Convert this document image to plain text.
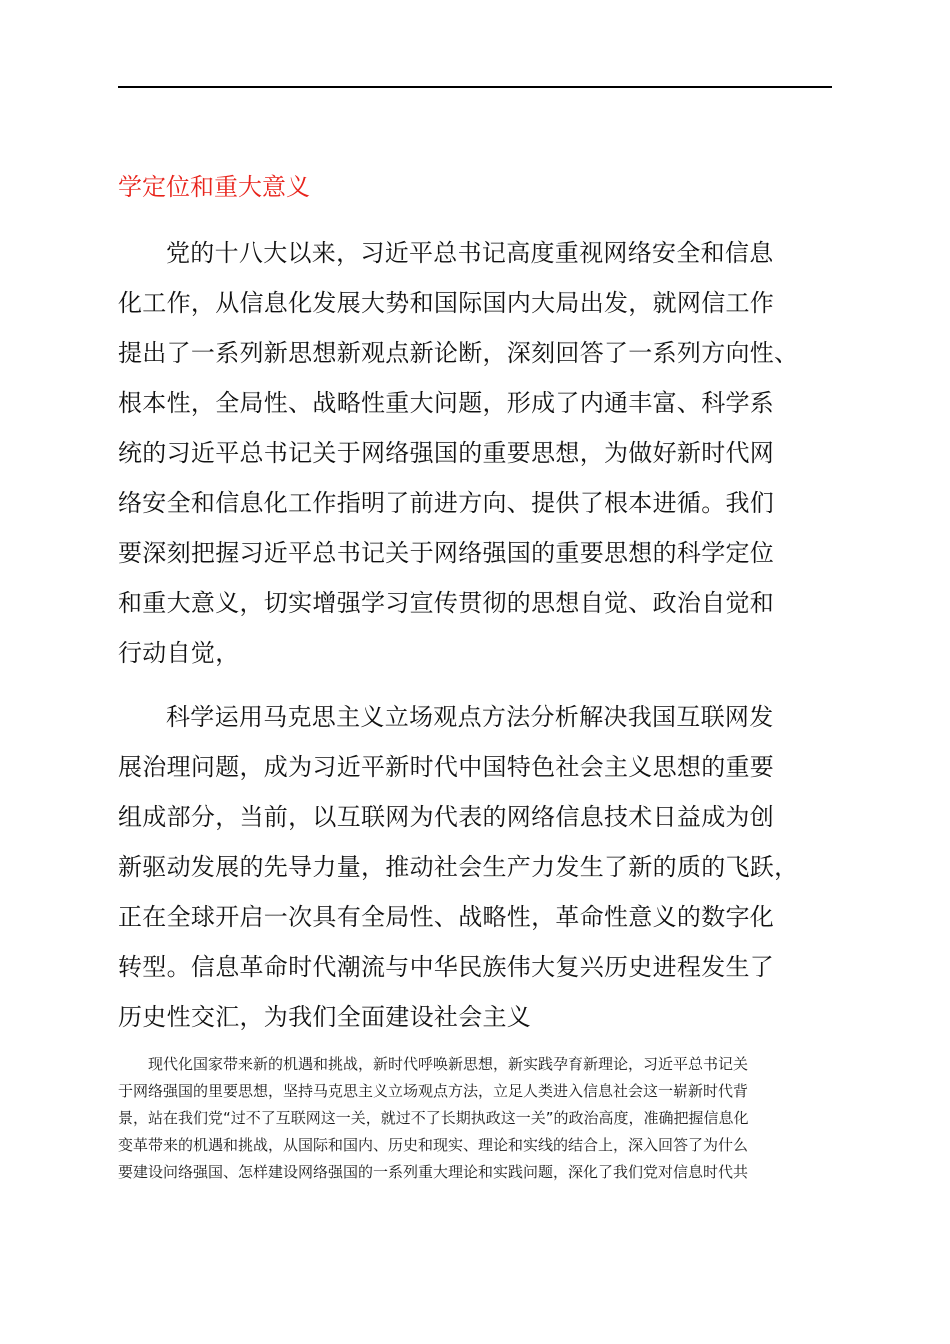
学定位和重大意义

党的十八大以来，习近平总书记高度重视网络安全和信息

化工作，从信息化发展大势和国际国内大局出发，就网信工作

提出了一系列新思想新观点新论断，深刻回答了一系列方向性、

根本性，全局性、战略性重大问题，形成了内通丰富、科学系

统的习近平总书记关于网络强国的重要思想，为做好新时代网

络安全和信息化工作指明了前进方向、提供了根本进循。我们

要深刻把握习近平总书记关于网络强国的重要思想的科学定位

和重大意义，切实增强学习宣传贯彻的思想自觉、政治自觉和

行动自觉，

科学运用马克思主义立场观点方法分析解决我国互联网发

展治理问题，成为习近平新时代中国特色社会主义思想的重要

组成部分，当前，以互联网为代表的网络信息技术日益成为创

新驱动发展的先导力量，推动社会生产力发生了新的质的飞跃，

正在全球开启一次具有全局性、战略性，革命性意义的数字化

转型。信息革命时代潮流与中华民族伟大复兴历史进程发生了

历史性交汇，为我们全面建设社会主义

现代化国家带来新的机遇和挑战，新时代呼唤新思想，新实践孕育新理论，习近平总书记关

于网络强国的里要思想，坚持马克思主义立场观点方法，立足人类进入信息社会这一崭新时代背

景，站在我们党“过不了互联网这一关，就过不了长期执政这一关”的政治高度，准确把握信息化

变革带来的机遇和挑战，从国际和国内、历史和现实、理论和实线的结合上，深入回答了为什么

要建设问络强国、怎样建设网络强国的一系列重大理论和实践问题，深化了我们党对信息时代共
